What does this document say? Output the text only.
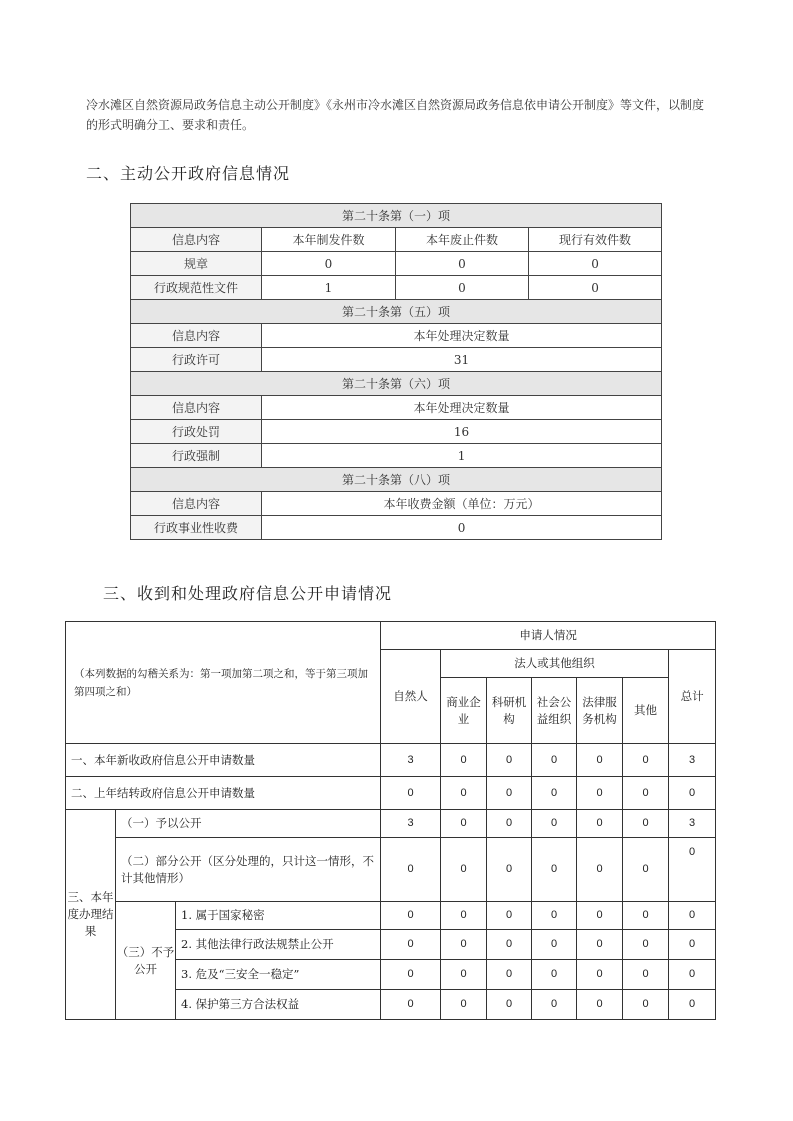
冷水滩区自然资源局政务信息主动公开制度》《永州市冷水滩区自然资源局政务信息依申请公开制度》等文件，以制度
的形式明确分工、要求和责任。
二、主动公开政府信息情况
第二十条第（一）项			
信息内容	本年制发件数	本年废止件数	现行有效件数
规章	0	0	0
行政规范性文件	1	0	0
第二十条第（五）项			
信息内容	本年处理决定数量		
行政许可	31		
第二十条第（六）项			
信息内容	本年处理决定数量		
行政处罚	16		
行政强制	1		
第二十条第（八）项			
信息内容	本年收费金额（单位：万元）		
行政事业性收费	0		
三、收到和处理政府信息公开申请情况
（本列数据的勾稽关系为：第一项加第二项之和，等于第三项加第四项之和）			申请人情况						
			自然人	法人或其他组织					总计
				商业企业	科研机构	社会公益组织	法律服务机构	其他	
一、本年新收政府信息公开申请数量			3	0	0	0	0	0	3
二、上年结转政府信息公开申请数量			0	0	0	0	0	0	0
三、本年度办理结果	（一）予以公开		3	0	0	0	0	0	3
	（二）部分公开（区分处理的，只计这一情形，不计其他情形）		0	0	0	0	0	0	0
	（三）不予公开	1. 属于国家秘密	0	0	0	0	0	0	0
		2. 其他法律行政法规禁止公开	0	0	0	0	0	0	0
		3. 危及“三安全一稳定”	0	0	0	0	0	0	0
		4. 保护第三方合法权益	0	0	0	0	0	0	0
